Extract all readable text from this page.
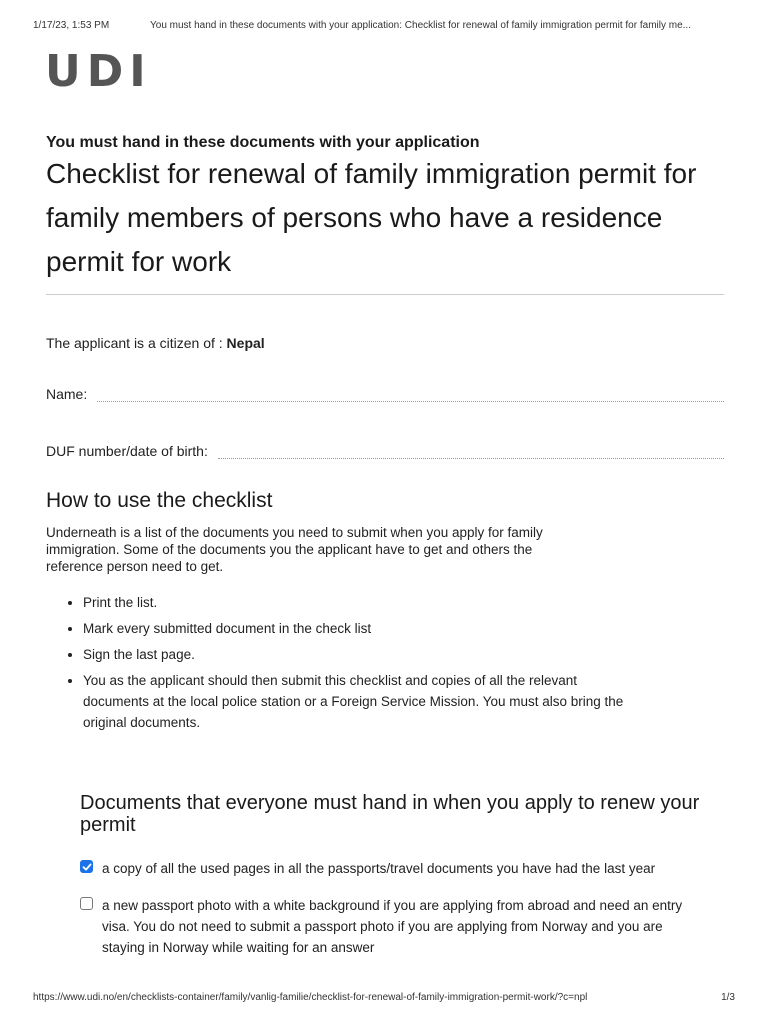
1/17/23, 1:53 PM	You must hand in these documents with your application: Checklist for renewal of family immigration permit for family me...
UDI
You must hand in these documents with your application
Checklist for renewal of family immigration permit for family members of persons who have a residence permit for work
The applicant is a citizen of :
Nepal
Name:
DUF number/date of birth:
How to use the checklist
Underneath is a list of the documents you need to submit when you apply for family immigration. Some of the documents you the applicant have to get and others the reference person need to get.
• Print the list.
• Mark every submitted document in the check list
• Sign the last page.
• You as the applicant should then submit this checklist and copies of all the relevant documents at the local police station or a Foreign Service Mission. You must also bring the original documents.
Documents that everyone must hand in when you apply to renew your permit
a copy of all the used pages in all the passports/travel documents you have had the last year
a new passport photo with a white background if you are applying from abroad and need an entry visa. You do not need to submit a passport photo if you are applying from Norway and you are staying in Norway while waiting for an answer
https://www.udi.no/en/checklists-container/family/vanlig-familie/checklist-for-renewal-of-family-immigration-permit-work/?c=npl	1/3
